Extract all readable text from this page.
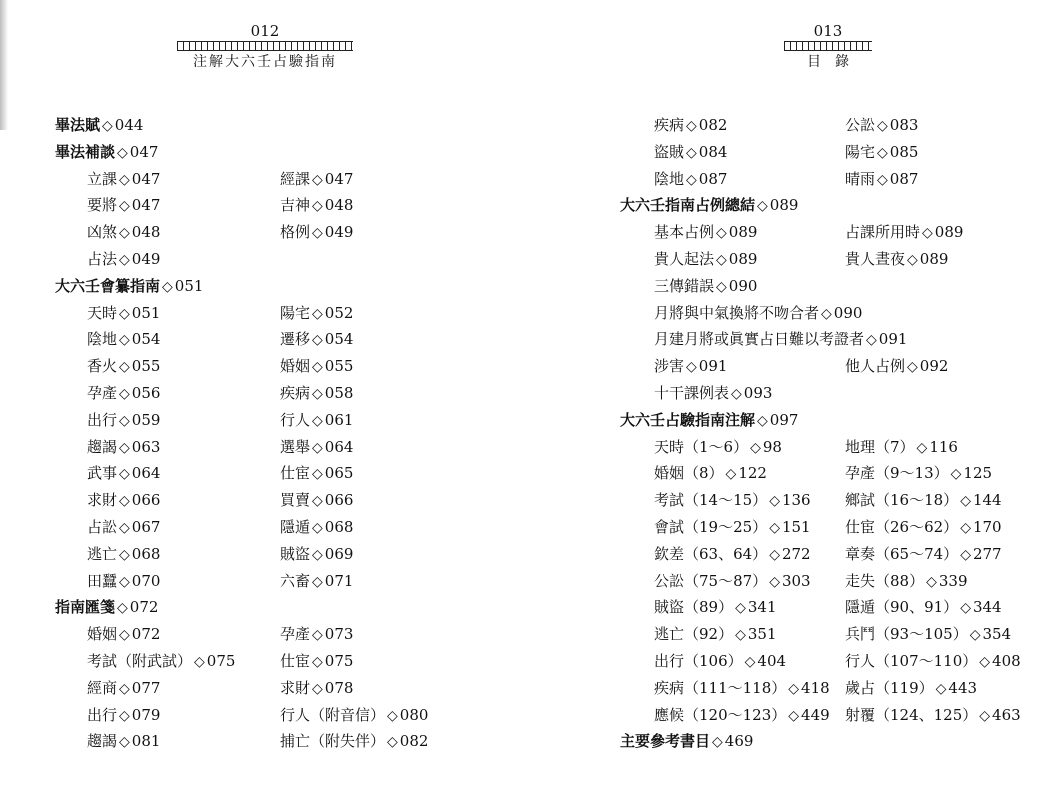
012
注解大六壬占驗指南
畢法賦 ◇ 044
畢法補談 ◇ 047
立課 ◇ 047	經課 ◇ 047
要將 ◇ 047	吉神 ◇ 048
凶煞 ◇ 048	格例 ◇ 049
占法 ◇ 049
大六壬會纂指南 ◇ 051
天時 ◇ 051	陽宅 ◇ 052
陰地 ◇ 054	遷移 ◇ 054
香火 ◇ 055	婚姻 ◇ 055
孕產 ◇ 056	疾病 ◇ 058
出行 ◇ 059	行人 ◇ 061
趨謁 ◇ 063	選舉 ◇ 064
武事 ◇ 064	仕宦 ◇ 065
求財 ◇ 066	買賣 ◇ 066
占訟 ◇ 067	隱遁 ◇ 068
逃亡 ◇ 068	賊盜 ◇ 069
田蠶 ◇ 070	六畜 ◇ 071
指南匯箋 ◇ 072
婚姻 ◇ 072	孕產 ◇ 073
考試（附武試） ◇ 075	仕宦 ◇ 075
經商 ◇ 077	求財 ◇ 078
出行 ◇ 079	行人（附音信） ◇ 080
趨謁 ◇ 081	捕亡（附失伴） ◇ 082
013
目錄
疾病 ◇ 082	公訟 ◇ 083
盜賊 ◇ 084	陽宅 ◇ 085
陰地 ◇ 087	晴雨 ◇ 087
大六壬指南占例總結 ◇ 089
基本占例 ◇ 089	占課所用時 ◇ 089
貴人起法 ◇ 089	貴人晝夜 ◇ 089
三傳錯誤 ◇ 090
月將與中氣換將不吻合者 ◇ 090
月建月將或眞實占日難以考證者 ◇ 091
涉害 ◇ 091	他人占例 ◇ 092
十干課例表 ◇ 093
大六壬占驗指南注解 ◇ 097
天時（1～6） ◇ 98	地理（7） ◇ 116
婚姻（8） ◇ 122	孕產（9～13） ◇ 125
考試（14～15） ◇ 136 鄉試（16～18） ◇ 144
會試（19～25） ◇ 151 仕宦（26～62） ◇ 170
欽差（63、64） ◇ 272 章奏（65～74） ◇ 277
公訟（75～87） ◇ 303 走失（88） ◇ 339
賊盜（89） ◇ 341	隱遁（90、91） ◇ 344
逃亡（92） ◇ 351	兵鬥（93～105） ◇ 354
出行（106） ◇ 404	行人（107～110） ◇ 408
疾病（111～118） ◇ 418 歲占（119） ◇ 443
應候（120～123） ◇ 449 射覆（124、125） ◇ 463
主要參考書目 ◇ 469
